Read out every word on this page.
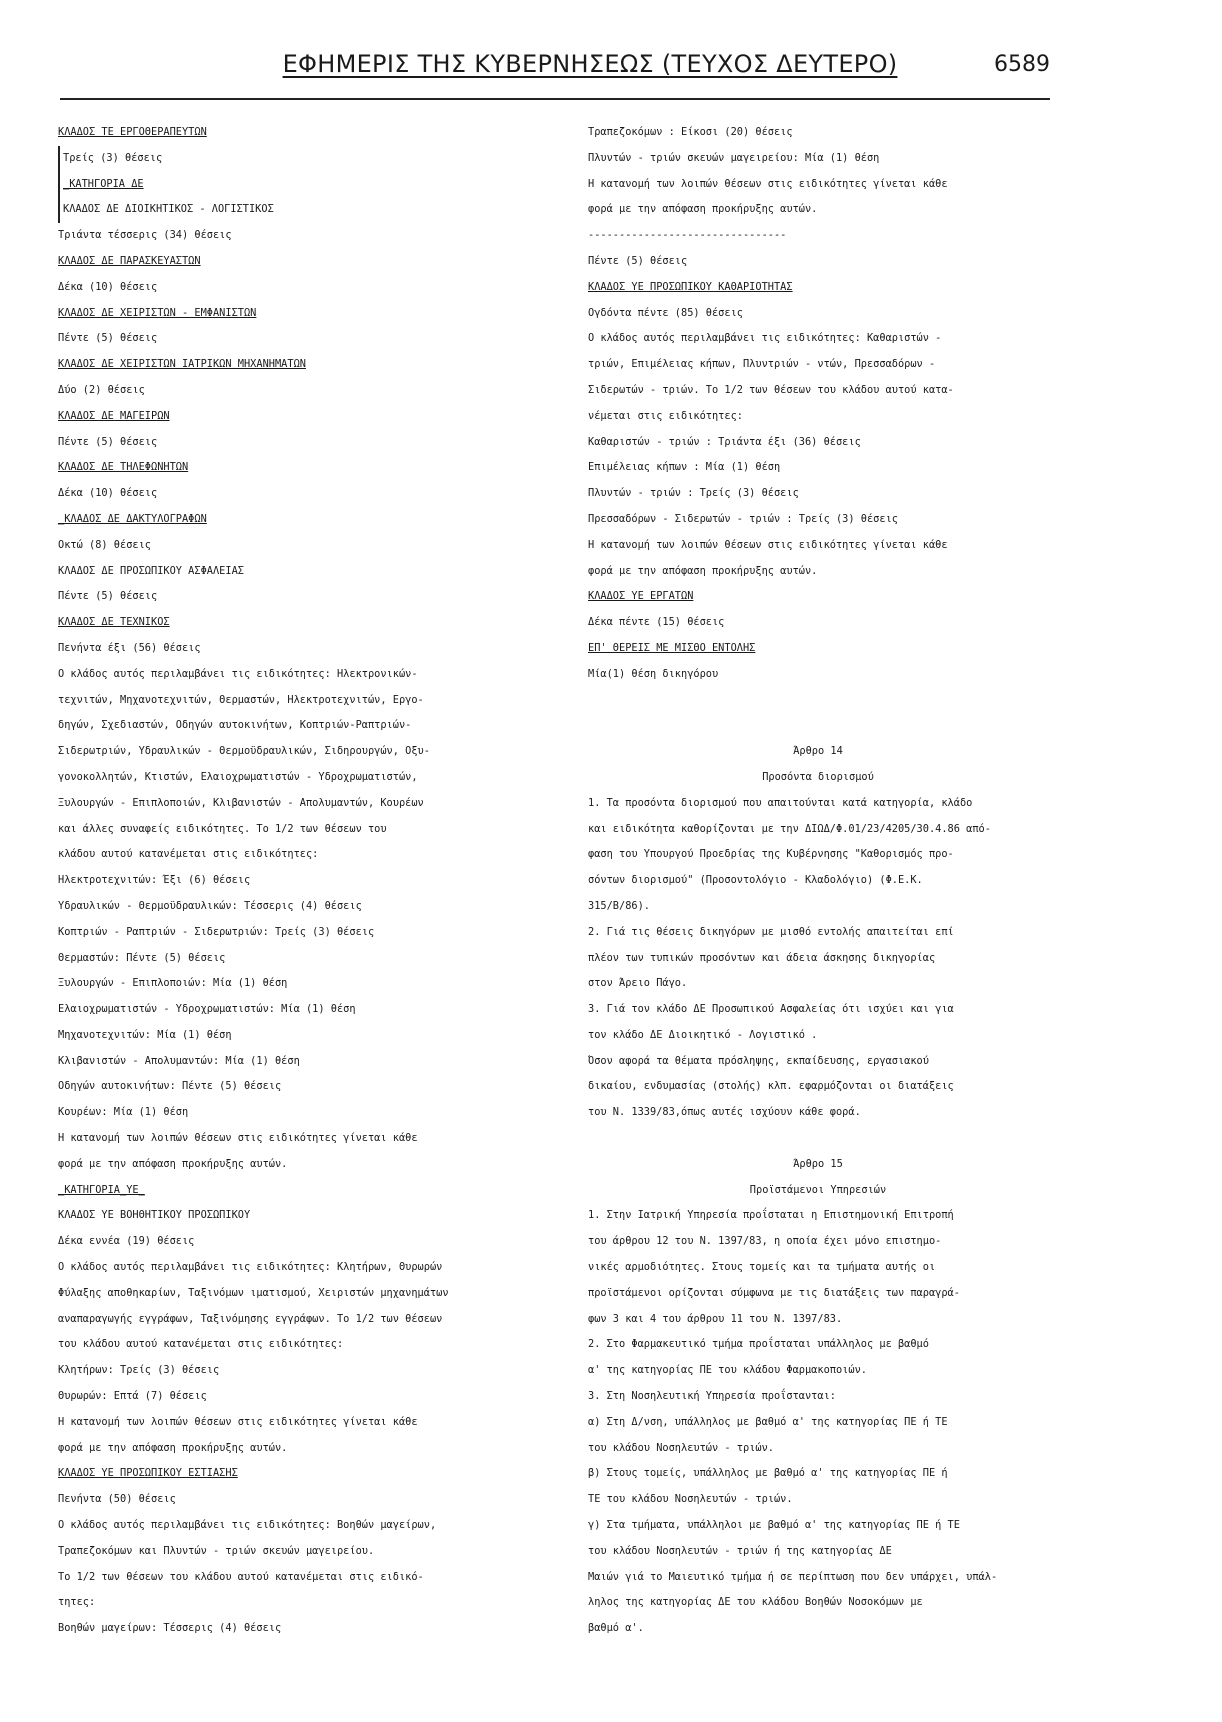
ΕΦΗΜΕΡΙΣ ΤΗΣ ΚΥΒΕΡΝΗΣΕΩΣ (ΤΕΥΧΟΣ ΔΕΥΤΕΡΟ)	6589
ΚΛΑΔΟΣ ΤΕ ΕΡΓΟΘΕΡΑΠΕΥΤΩΝ
Τρείς (3) θέσεις
_ΚΑΤΗΓΟΡΙΑ ΔΕ
ΚΛΑΔΟΣ ΔΕ ΔΙΟΙΚΗΤΙΚΟΣ - ΛΟΓΙΣΤΙΚΟΣ
Τριάντα τέσσερις (34) θέσεις
ΚΛΑΔΟΣ ΔΕ ΠΑΡΑΣΚΕΥΑΣΤΩΝ
Δέκα (10) θέσεις
ΚΛΑΔΟΣ ΔΕ ΧΕΙΡΙΣΤΩΝ - ΕΜΦΑΝΙΣΤΩΝ
Πέντε (5) θέσεις
ΚΛΑΔΟΣ ΔΕ ΧΕΙΡΙΣΤΩΝ ΙΑΤΡΙΚΩΝ ΜΗΧΑΝΗΜΑΤΩΝ
Δύο (2) θέσεις
ΚΛΑΔΟΣ ΔΕ ΜΑΓΕΙΡΩΝ
Πέντε (5) θέσεις
ΚΛΑΔΟΣ ΔΕ ΤΗΛΕΦΩΝΗΤΩΝ
Δέκα (10) θέσεις
_ΚΛΑΔΟΣ ΔΕ ΔΑΚΤΥΛΟΓΡΑΦΩΝ
Οκτώ (8) θέσεις
ΚΛΑΔΟΣ ΔΕ ΠΡΟΣΩΠΙΚΟΥ ΑΣΦΑΛΕΙΑΣ
Πέντε (5) θέσεις
ΚΛΑΔΟΣ ΔΕ ΤΕΧΝΙΚΟΣ
Πενήντα έξι (56) θέσεις
Ο κλάδος αυτός περιλαμβάνει τις ειδικότητες: Ηλεκτρονικών-
τεχνιτών, Μηχανοτεχνιτών, Θερμαστών, Ηλεκτροτεχνιτών, Εργο-
δηγών, Σχεδιαστών, Οδηγών αυτοκινήτων, Κοπτριών-Ραπτριών-
Σιδερωτριών, Υδραυλικών - Θερμοϋδραυλικών, Σιδηρουργών, Οξυ-
γονοκολλητών, Κτιστών, Ελαιοχρωματιστών - Υδροχρωματιστών,
Ξυλουργών - Επιπλοποιών, Κλιβανιστών - Απολυμαντών, Κουρέων
και άλλες συναφείς ειδικότητες. Το 1/2 των θέσεων του
κλάδου αυτού κατανέμεται στις ειδικότητες:
Ηλεκτροτεχνιτών: Έξι (6) θέσεις
Υδραυλικών - Θερμοϋδραυλικών: Τέσσερις (4) θέσεις
Κοπτριών - Ραπτριών - Σιδερωτριών: Τρείς (3) θέσεις
Θερμαστών: Πέντε (5) θέσεις
Ξυλουργών - Επιπλοποιών: Μία (1) θέση
Ελαιοχρωματιστών - Υδροχρωματιστών: Μία (1) θέση
Μηχανοτεχνιτών: Μία (1) θέση
Κλιβανιστών - Απολυμαντών: Μία (1) θέση
Οδηγών αυτοκινήτων: Πέντε (5) θέσεις
Κουρέων: Μία (1) θέση
Η κατανομή των λοιπών θέσεων στις ειδικότητες γίνεται κάθε
φορά με την απόφαση προκήρυξης αυτών.
_ΚΑΤΗΓΟΡΙΑ_ΥΕ_
ΚΛΑΔΟΣ ΥΕ ΒΟΗΘΗΤΙΚΟΥ ΠΡΟΣΩΠΙΚΟΥ
Δέκα εννέα (19) θέσεις
Ο κλάδος αυτός περιλαμβάνει τις ειδικότητες: Κλητήρων, Θυρωρών
Φύλαξης αποθηκαρίων, Ταξινόμων ιματισμού, Χειριστών μηχανημάτων
αναπαραγωγής εγγράφων, Ταξινόμησης εγγράφων. Το 1/2 των θέσεων
του κλάδου αυτού κατανέμεται στις ειδικότητες:
Κλητήρων: Τρείς (3) θέσεις
Θυρωρών: Επτά (7) θέσεις
Η κατανομή των λοιπών θέσεων στις ειδικότητες γίνεται κάθε
φορά με την απόφαση προκήρυξης αυτών.
ΚΛΑΔΟΣ ΥΕ ΠΡΟΣΩΠΙΚΟΥ ΕΣΤΙΑΣΗΣ
Πενήντα (50) θέσεις
Ο κλάδος αυτός περιλαμβάνει τις ειδικότητες: Βοηθών μαγείρων,
Τραπεζοκόμων και Πλυντών - τριών σκευών μαγειρείου.
Το 1/2 των θέσεων του κλάδου αυτού κατανέμεται στις ειδικό-
τητες:
Βοηθών μαγείρων: Τέσσερις (4) θέσεις
Τραπεζοκόμων : Είκοσι (20) θέσεις
Πλυντών - τριών σκευών μαγειρείου: Μία (1) θέση
Η κατανομή των λοιπών θέσεων στις ειδικότητες γίνεται κάθε
φορά με την απόφαση προκήρυξης αυτών.
--------------------------------
Πέντε (5) θέσεις
ΚΛΑΔΟΣ ΥΕ ΠΡΟΣΩΠΙΚΟΥ ΚΑΘΑΡΙΟΤΗΤΑΣ
Ογδόντα πέντε (85) θέσεις
Ο κλάδος αυτός περιλαμβάνει τις ειδικότητες: Καθαριστών -
τριών, Επιμέλειας κήπων, Πλυντριών - ντών, Πρεσσαδόρων -
Σιδερωτών - τριών. Το 1/2 των θέσεων του κλάδου αυτού κατα-
νέμεται στις ειδικότητες:
Καθαριστών - τριών : Τριάντα έξι (36) θέσεις
Επιμέλειας κήπων : Μία (1) θέση
Πλυντών - τριών : Τρείς (3) θέσεις
Πρεσσαδόρων - Σιδερωτών - τριών : Τρείς (3) θέσεις
Η κατανομή των λοιπών θέσεων στις ειδικότητες γίνεται κάθε
φορά με την απόφαση προκήρυξης αυτών.
ΚΛΑΔΟΣ ΥΕ ΕΡΓΑΤΩΝ
Δέκα πέντε (15) θέσεις
ΕΠ' ΘΕΡΕΙΣ ΜΕ ΜΙΣΘΟ ΕΝΤΟΛΗΣ
Μία(1) θέση δικηγόρου
Άρθρο 14
Προσόντα διορισμού
1. Τα προσόντα διορισμού που απαιτούνται κατά κατηγορία, κλάδο
και ειδικότητα καθορίζονται με την ΔΙΩΔ/Φ.01/23/4205/30.4.86 από-
φαση του Υπουργού Προεδρίας της Κυβέρνησης "Καθορισμός προ-
σόντων διορισμού" (Προσοντολόγιο - Κλαδολόγιο) (Φ.Ε.Κ.
315/Β/86).
2. Γιά τις θέσεις δικηγόρων με μισθό εντολής απαιτείται επί
πλέον των τυπικών προσόντων και άδεια άσκησης δικηγορίας
στον Άρειο Πάγο.
3. Γιά τον κλάδο ΔΕ Προσωπικού Ασφαλείας ότι ισχύει και για
τον κλάδο ΔΕ Διοικητικό - Λογιστικό .
Όσον αφορά τα θέματα πρόσληψης, εκπαίδευσης, εργασιακού
δικαίου, ενδυμασίας (στολής) κλπ. εφαρμόζονται οι διατάξεις
του Ν. 1339/83,όπως αυτές ισχύουν κάθε φορά.
Άρθρο 15
Προϊστάμενοι Υπηρεσιών
1. Στην Ιατρική Υπηρεσία προΐσταται η Επιστημονική Επιτροπή
του άρθρου 12 του Ν. 1397/83, η οποία έχει μόνο επιστημο-
νικές αρμοδιότητες. Στους τομείς και τα τμήματα αυτής οι
προϊστάμενοι ορίζονται σύμφωνα με τις διατάξεις των παραγρά-
φων 3 και 4 του άρθρου 11 του Ν. 1397/83.
2. Στο Φαρμακευτικό τμήμα προΐσταται υπάλληλος με βαθμό
α' της κατηγορίας ΠΕ του κλάδου Φαρμακοποιών.
3. Στη Νοσηλευτική Υπηρεσία προΐστανται:
α) Στη Δ/νση, υπάλληλος με βαθμό α' της κατηγορίας ΠΕ ή ΤΕ
του κλάδου Νοσηλευτών - τριών.
β) Στους τομείς, υπάλληλος με βαθμό α' της κατηγορίας ΠΕ ή
ΤΕ του κλάδου Νοσηλευτών - τριών.
γ) Στα τμήματα, υπάλληλοι με βαθμό α' της κατηγορίας ΠΕ ή ΤΕ
του κλάδου Νοσηλευτών - τριών ή της κατηγορίας ΔΕ
Μαιών γιά το Μαιευτικό τμήμα ή σε περίπτωση που δεν υπάρχει, υπάλ-
ληλος της κατηγορίας ΔΕ του κλάδου Βοηθών Νοσοκόμων με
βαθμό α'.
